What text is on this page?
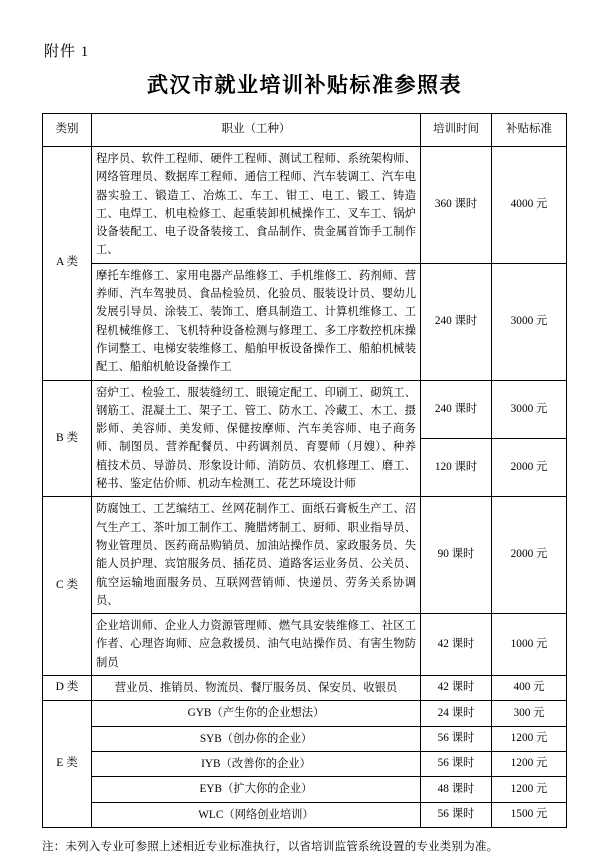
附件 1
武汉市就业培训补贴标准参照表
类别	职业（工种）	培训时间	补贴标准
A 类	程序员、软件工程师、硬件工程师、测试工程师、系统架构师、网络管理员、数据库工程师、通信工程师、汽车装调工、汽车电器实验工、锻造工、冶炼工、车工、钳工、电工、锻工、铸造工、电焊工、机电检修工、起重装卸机械操作工、叉车工、锅炉设备装配工、电子设备装接工、食品制作、贵金属首饰手工制作工、	360 课时	4000 元
	摩托车维修工、家用电器产品维修工、手机维修工、药剂师、营养师、汽车驾驶员、食品检验员、化验员、服装设计员、婴幼儿发展引导员、涂装工、装饰工、磨具制造工、计算机维修工、工程机械维修工、飞机特种设备检测与修理工、多工序数控机床操作词整工、电梯安装维修工、船舶甲板设备操作工、船舶机械装配工、船舶机舱设备操作工	240 课时	3000 元
B 类	窑炉工、检验工、服装缝纫工、眼镜定配工、印刷工、砌筑工、钢筋工、混凝土工、架子工、管工、防水工、冷藏工、木工、摄影师、美容师、美发师、保健按摩师、汽车美容师、电子商务师、制图员、营养配餐员、中药调剂员、育婴师（月嫂）、种养植技术员、导游员、形象设计师、消防员、农机修理工、磨工、秘书、鉴定估价师、机动车检测工、花艺环境设计师	240 课时	3000 元
		120 课时	2000 元
C 类	防腐蚀工、工艺编结工、丝网花制作工、面纸石膏板生产工、沼气生产工、茶叶加工制作工、腌腊烤制工、厨师、职业指导员、物业管理员、医药商品购销员、加油站操作员、家政服务员、失能人员护理、宾馆服务员、插花员、道路客运业务员、公关员、航空运输地面服务员、互联网营销师、快递员、劳务关系协调员、	90 课时	2000 元
	企业培训师、企业人力资源管理师、燃气具安装维修工、社区工作者、心理咨询师、应急救援员、油气电站操作员、有害生物防制员	42 课时	1000 元
D 类	营业员、推销员、物流员、餐厅服务员、保安员、收银员	42 课时	400 元
E 类	GYB（产生你的企业想法）	24 课时	300 元
	SYB（创办你的企业）	56 课时	1200 元
	IYB（改善你的企业）	56 课时	1200 元
	EYB（扩大你的企业）	48 课时	1200 元
	WLC（网络创业培训）	56 课时	1500 元
注：未列入专业可参照上述相近专业标准执行，以省培训监管系统设置的专业类别为准。
